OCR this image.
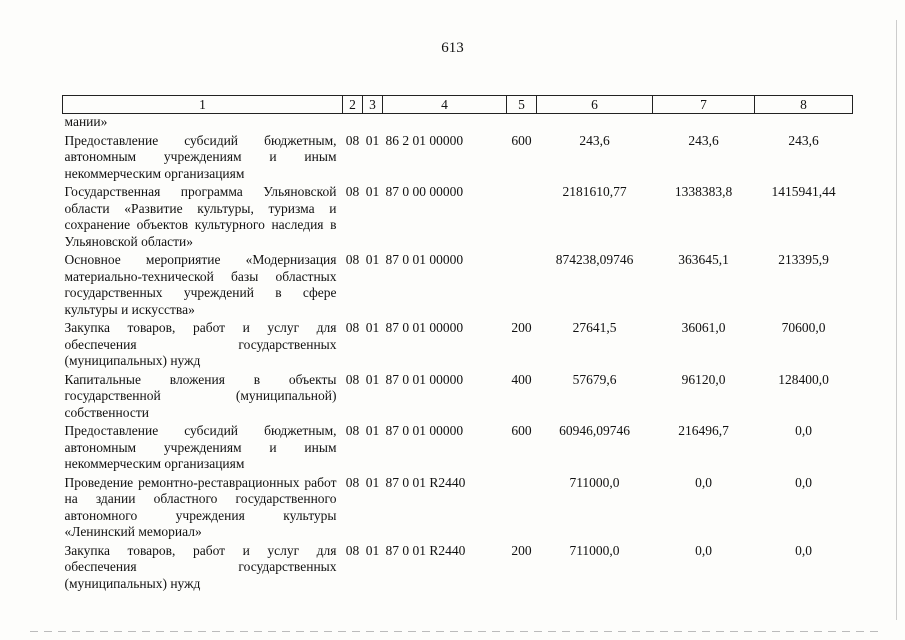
613
1	2	3	4	5	6	7	8
мании»							
Предоставление субсидий бюджетным, автономным учреждениям и иным некоммерческим организациям	08	01	86 2 01 00000	600	243,6	243,6	243,6
Государственная программа Ульяновской области «Развитие культуры, туризма и сохранение объектов культурного наследия в Ульяновской области»	08	01	87 0 00 00000		2181610,77	1338383,8	1415941,44
Основное мероприятие «Модернизация материально-технической базы областных государственных учреждений в сфере культуры и искусства»	08	01	87 0 01 00000		874238,09746	363645,1	213395,9
Закупка товаров, работ и услуг для обеспечения государственных (муниципальных) нужд	08	01	87 0 01 00000	200	27641,5	36061,0	70600,0
Капитальные вложения в объекты государственной (муниципальной) собственности	08	01	87 0 01 00000	400	57679,6	96120,0	128400,0
Предоставление субсидий бюджетным, автономным учреждениям и иным некоммерческим организациям	08	01	87 0 01 00000	600	60946,09746	216496,7	0,0
Проведение ремонтно-реставрационных работ на здании областного государственного автономного учреждения культуры «Ленинский мемориал»	08	01	87 0 01 R2440		711000,0	0,0	0,0
Закупка товаров, работ и услуг для обеспечения государственных (муниципальных) нужд	08	01	87 0 01 R2440	200	711000,0	0,0	0,0
